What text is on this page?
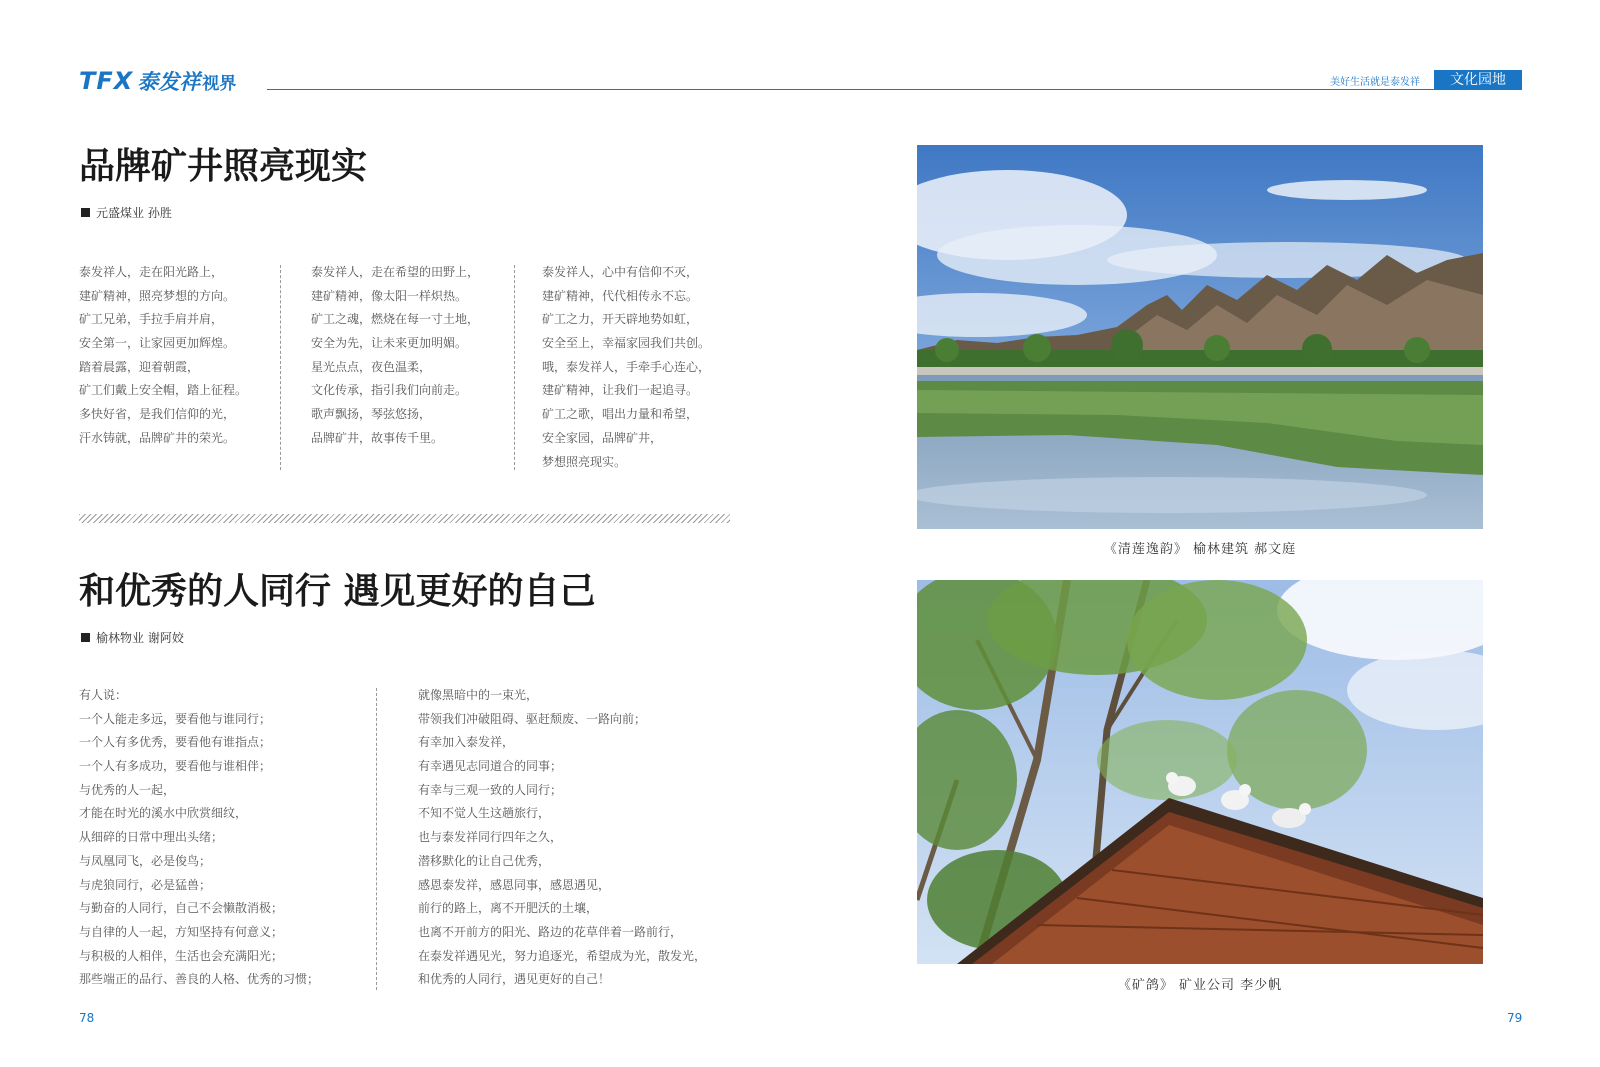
TFX 泰发祥 视界	美好生活就是泰发祥	文化园地
品牌矿井照亮现实
元盛煤业 孙胜
泰发祥人，走在阳光路上，
建矿精神，照亮梦想的方向。
矿工兄弟，手拉手肩并肩，
安全第一，让家园更加辉煌。
踏着晨露，迎着朝霞，
矿工们戴上安全帽，踏上征程。
多快好省，是我们信仰的光，
汗水铸就，品牌矿井的荣光。
泰发祥人，走在希望的田野上，
建矿精神，像太阳一样炽热。
矿工之魂，燃烧在每一寸土地，
安全为先，让未来更加明媚。
星光点点，夜色温柔，
文化传承，指引我们向前走。
歌声飘扬，琴弦悠扬，
品牌矿井，故事传千里。
泰发祥人，心中有信仰不灭，
建矿精神，代代相传永不忘。
矿工之力，开天辟地势如虹，
安全至上，幸福家园我们共创。
哦，泰发祥人，手牵手心连心，
建矿精神，让我们一起追寻。
矿工之歌，唱出力量和希望，
安全家园，品牌矿井，
梦想照亮现实。
和优秀的人同行 遇见更好的自己
榆林物业 谢阿姣
有人说：
一个人能走多远，要看他与谁同行；
一个人有多优秀，要看他有谁指点；
一个人有多成功，要看他与谁相伴；
与优秀的人一起，
才能在时光的溪水中欣赏细纹，
从细碎的日常中理出头绪；
与凤凰同飞，必是俊鸟；
与虎狼同行，必是猛兽；
与勤奋的人同行，自己不会懒散消极；
与自律的人一起，方知坚持有何意义；
与积极的人相伴，生活也会充满阳光；
那些端正的品行、善良的人格、优秀的习惯；
就像黑暗中的一束光，
带领我们冲破阻碍、驱赶颓废、一路向前；
有幸加入泰发祥，
有幸遇见志同道合的同事；
有幸与三观一致的人同行；
不知不觉人生这趟旅行，
也与泰发祥同行四年之久，
潜移默化的让自己优秀，
感恩泰发祥，感恩同事，感恩遇见，
前行的路上，离不开肥沃的土壤，
也离不开前方的阳光、路边的花草伴着一路前行，
在泰发祥遇见光，努力追逐光，希望成为光，散发光，
和优秀的人同行，遇见更好的自己！
《清莲逸韵》 榆林建筑 郝文庭
《矿鸽》 矿业公司 李少帆
78	79
